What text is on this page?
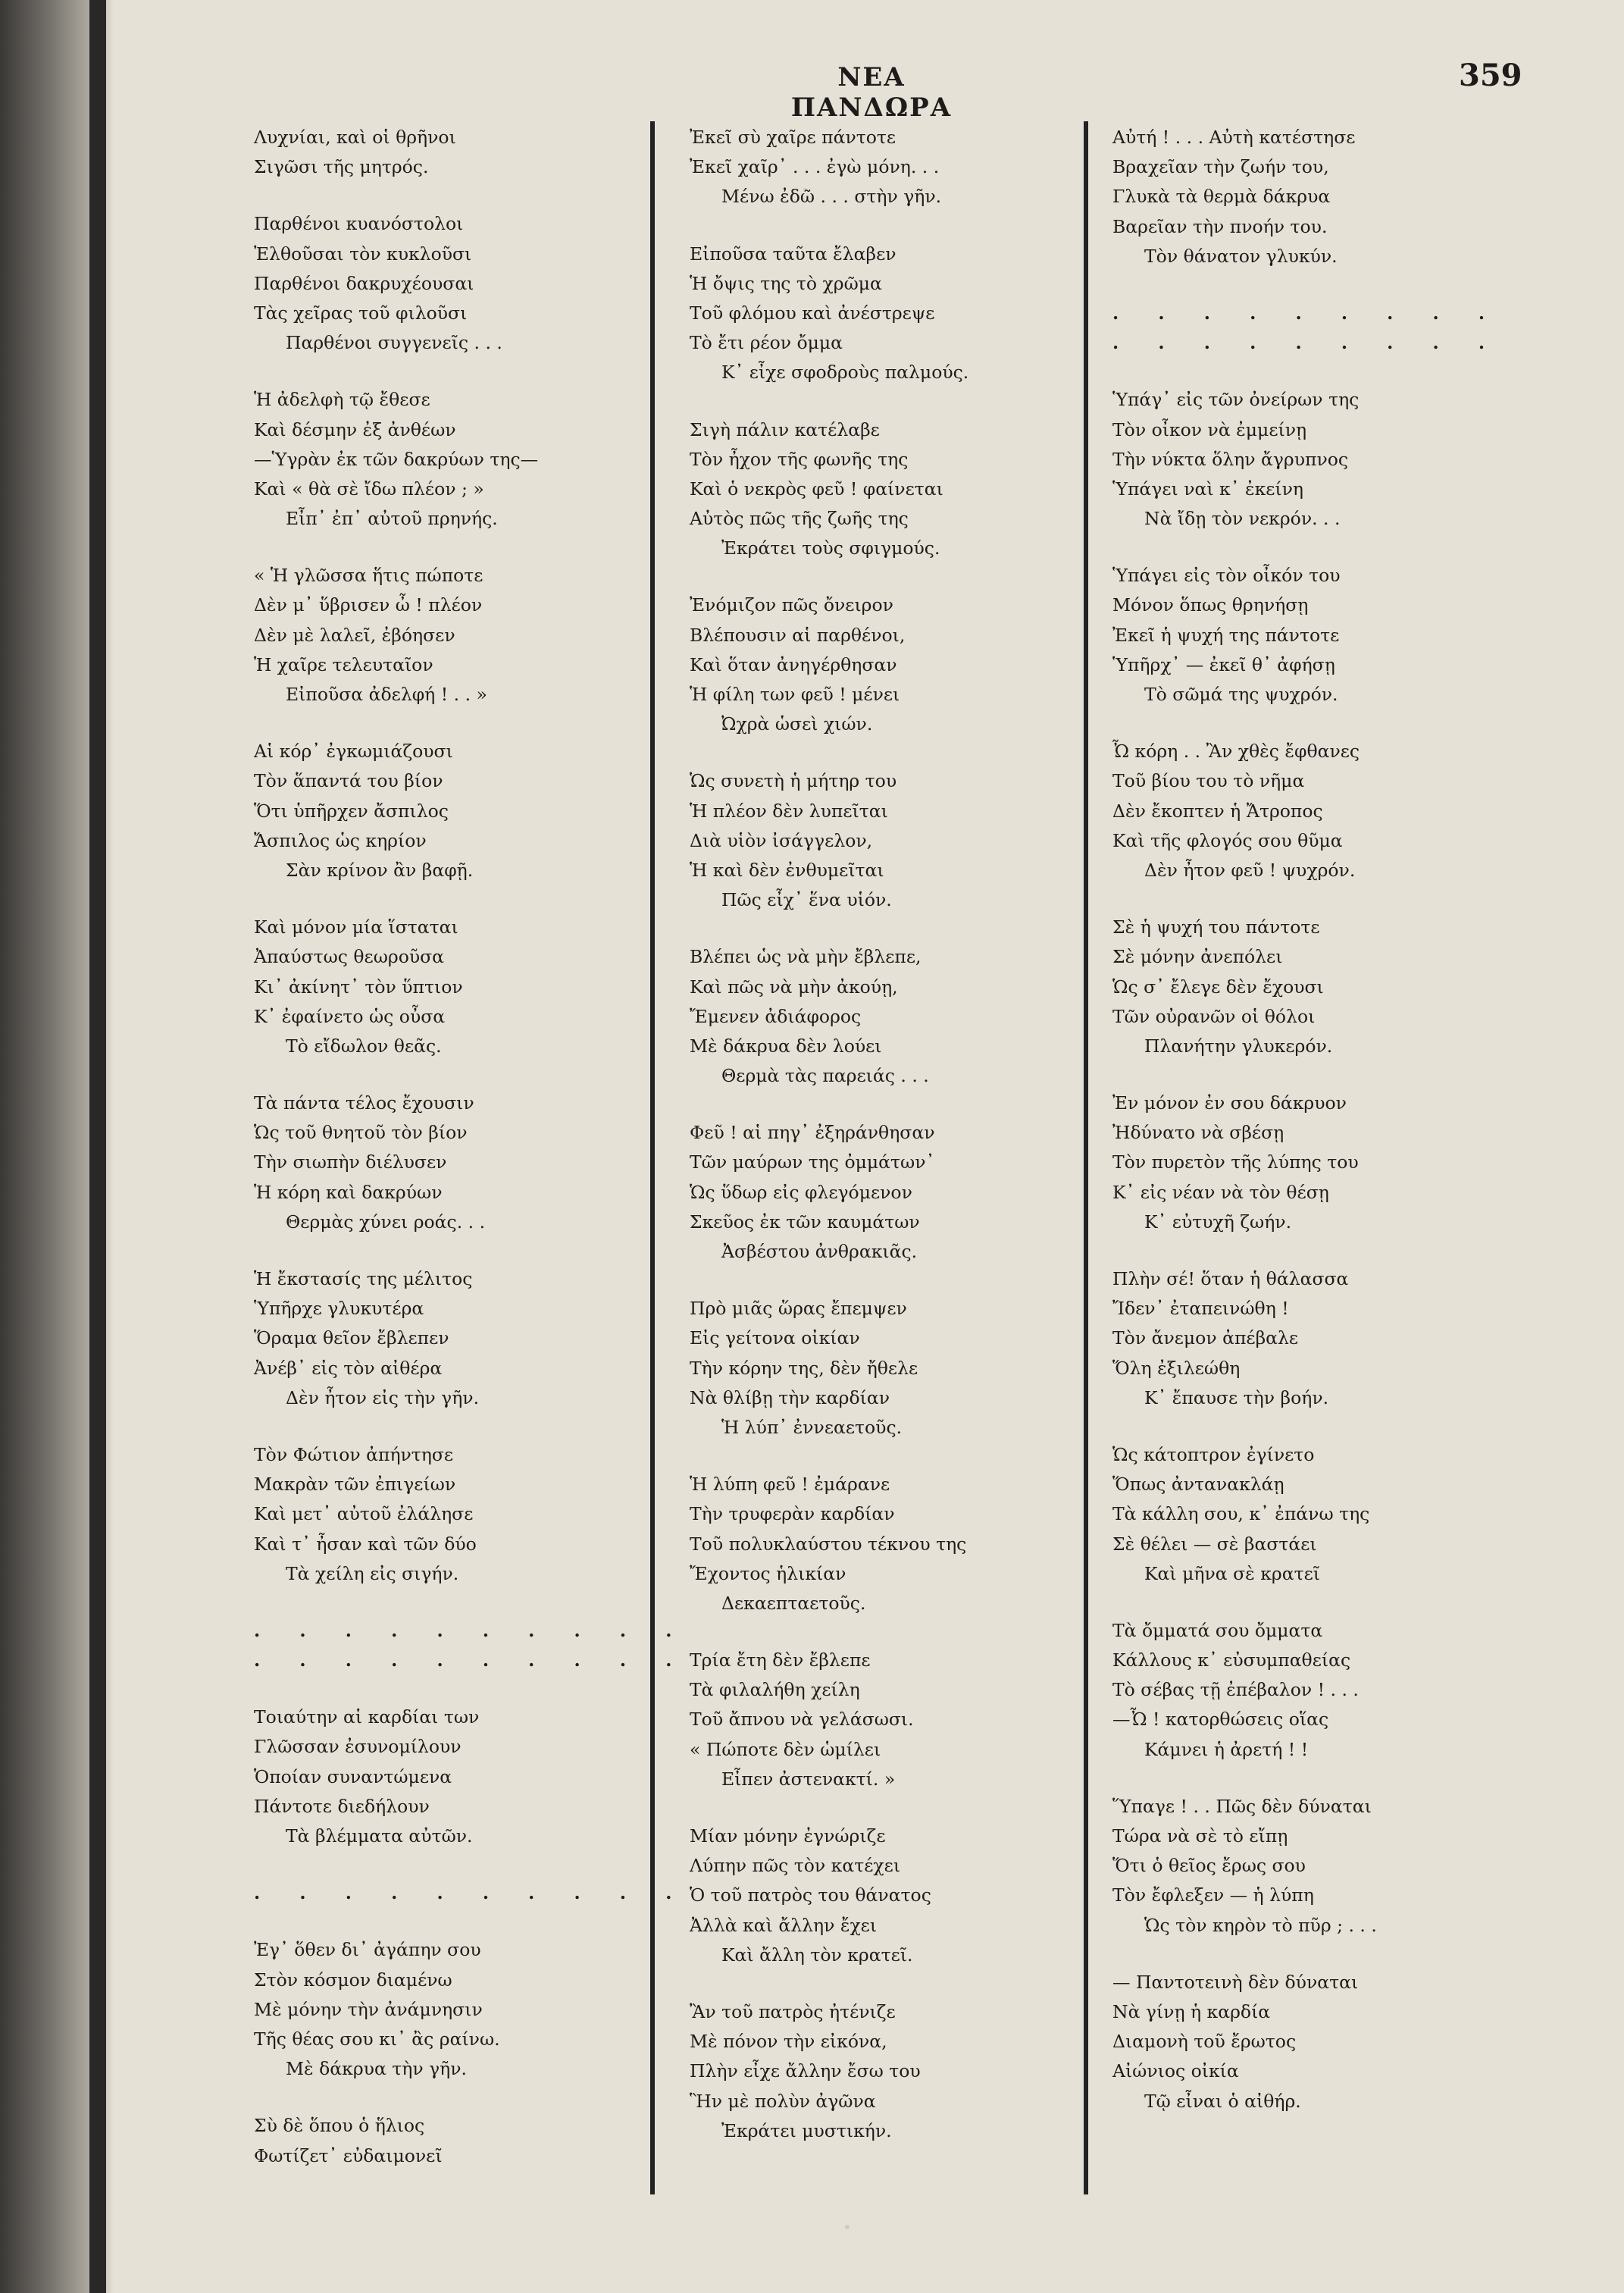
ΝΕΑ ΠΑΝΔΩΡΑ
359
Λυχνίαι, καὶ οἱ θρῆνοι
Σιγῶσι τῆς μητρός.
Παρθένοι κυανόστολοι
Ἐλθοῦσαι τὸν κυκλοῦσι
Παρθένοι δακρυχέουσαι
Τὰς χεῖρας τοῦ φιλοῦσι
Παρθένοι συγγενεῖς . . .
Ἡ ἀδελφὴ τῷ ἔθεσε
Καὶ δέσμην ἐξ ἀνθέων
—Ὑγρὰν ἐκ τῶν δακρύων της—
Καὶ « θὰ σὲ ἴδω πλέον ; »
Εἶπ᾽ ἐπ᾽ αὐτοῦ πρηνής.
« Ἡ γλῶσσα ἥτις πώποτε
Δὲν μ᾽ ὕβρισεν ὦ ! πλέον
Δὲν μὲ λαλεῖ, ἐβόησεν
Ἡ χαῖρε τελευταῖον
Εἰποῦσα ἀδελφή ! . . »
Αἱ κόρ᾽ ἐγκωμιάζουσι
Τὸν ἅπαντά του βίον
Ὅτι ὑπῆρχεν ἄσπιλος
Ἄσπιλος ὡς κηρίον
Σὰν κρίνον ἂν βαφῇ.
Καὶ μόνον μία ἵσταται
Ἀπαύστως θεωροῦσα
Κι᾽ ἀκίνητ᾽ τὸν ὕπτιον
Κ᾽ ἐφαίνετο ὡς οὖσα
Τὸ εἴδωλον θεᾶς.
Τὰ πάντα τέλος ἔχουσιν
Ὡς τοῦ θνητοῦ τὸν βίον
Τὴν σιωπὴν διέλυσεν
Ἡ κόρη καὶ δακρύων
Θερμὰς χύνει ροάς. . .
Ἡ ἔκστασίς της μέλιτος
Ὑπῆρχε γλυκυτέρα
Ὅραμα θεῖον ἔβλεπεν
Ἀνέβ᾽ εἰς τὸν αἰθέρα
Δὲν ἦτον εἰς τὴν γῆν.
Τὸν Φώτιον ἀπήντησε
Μακρὰν τῶν ἐπιγείων
Καὶ μετ᾽ αὐτοῦ ἐλάλησε
Καὶ τ᾽ ἦσαν καὶ τῶν δύο
Τὰ χείλη εἰς σιγήν.
. . . . . . . . . .
. . . . . . . . . .
Τοιαύτην αἱ καρδίαι των
Γλῶσσαν ἐσυνομίλουν
Ὁποίαν συναντώμενα
Πάντοτε διεδήλουν
Τὰ βλέμματα αὐτῶν.
. . . . . . . . . .
Ἐγ᾽ ὅθεν δι᾽ ἀγάπην σου
Στὸν κόσμον διαμένω
Μὲ μόνην τὴν ἀνάμνησιν
Τῆς θέας σου κι᾽ ἂς ραίνω.
Μὲ δάκρυα τὴν γῆν.
Σὺ δὲ ὅπου ὁ ἥλιος
Φωτίζετ᾽ εὐδαιμονεῖ
Ἐκεῖ σὺ χαῖρε πάντοτε
Ἐκεῖ χαῖρ᾽ . . . ἐγὼ μόνη. . .
Μένω ἐδῶ . . . στὴν γῆν.
Εἰποῦσα ταῦτα ἔλαβεν
Ἡ ὄψις της τὸ χρῶμα
Τοῦ φλόμου καὶ ἀνέστρεψε
Τὸ ἔτι ρέον ὄμμα
Κ᾽ εἶχε σφοδροὺς παλμούς.
Σιγὴ πάλιν κατέλαβε
Τὸν ἦχον τῆς φωνῆς της
Καὶ ὁ νεκρὸς φεῦ ! φαίνεται
Αὐτὸς πῶς τῆς ζωῆς της
Ἐκράτει τοὺς σφιγμούς.
Ἐνόμιζον πῶς ὄνειρον
Βλέπουσιν αἱ παρθένοι,
Καὶ ὅταν ἀνηγέρθησαν
Ἡ φίλη των φεῦ ! μένει
Ὠχρὰ ὡσεὶ χιών.
Ὡς συνετὴ ἡ μήτηρ του
Ἡ πλέον δὲν λυπεῖται
Διὰ υἱὸν ἰσάγγελον,
Ἡ καὶ δὲν ἐνθυμεῖται
Πῶς εἶχ᾽ ἕνα υἱόν.
Βλέπει ὡς νὰ μὴν ἔβλεπε,
Καὶ πῶς νὰ μὴν ἀκούῃ,
Ἔμενεν ἀδιάφορος
Μὲ δάκρυα δὲν λούει
Θερμὰ τὰς παρειάς . . .
Φεῦ ! αἱ πηγ᾽ ἐξηράνθησαν
Τῶν μαύρων της ὀμμάτων᾽
Ὡς ὕδωρ εἰς φλεγόμενον
Σκεῦος ἐκ τῶν καυμάτων
Ἀσβέστου ἀνθρακιᾶς.
Πρὸ μιᾶς ὥρας ἔπεμψεν
Εἰς γείτονα οἰκίαν
Τὴν κόρην της, δὲν ἤθελε
Νὰ θλίβῃ τὴν καρδίαν
Ἡ λύπ᾽ ἐννεαετοῦς.
Ἡ λύπη φεῦ ! ἐμάρανε
Τὴν τρυφερὰν καρδίαν
Τοῦ πολυκλαύστου τέκνου της
Ἔχοντος ἡλικίαν
Δεκαεπταετοῦς.
Τρία ἔτη δὲν ἔβλεπε
Τὰ φιλαλήθη χείλη
Τοῦ ἄπνου νὰ γελάσωσι.
« Πώποτε δὲν ὡμίλει
Εἶπεν ἀστενακτί. »
Μίαν μόνην ἐγνώριζε
Λύπην πῶς τὸν κατέχει
Ὁ τοῦ πατρὸς του θάνατος
Ἀλλὰ καὶ ἄλλην ἔχει
Καὶ ἄλλη τὸν κρατεῖ.
Ἂν τοῦ πατρὸς ἠτένιζε
Μὲ πόνον τὴν εἰκόνα,
Πλὴν εἶχε ἄλλην ἔσω του
Ἣν μὲ πολὺν ἀγῶνα
Ἐκράτει μυστικήν.
Αὐτή ! . . . Αὐτὴ κατέστησε
Βραχεῖαν τὴν ζωήν του,
Γλυκὰ τὰ θερμὰ δάκρυα
Βαρεῖαν τὴν πνοήν του.
Τὸν θάνατον γλυκύν.
. . . . . . . . .
. . . . . . . . .
Ὑπάγ᾽ εἰς τῶν ὀνείρων της
Τὸν οἶκον νὰ ἐμμείνῃ
Τὴν νύκτα ὅλην ἄγρυπνος
Ὑπάγει ναὶ κ᾽ ἐκείνη
Νὰ ἴδῃ τὸν νεκρόν. . .
Ὑπάγει εἰς τὸν οἶκόν του
Μόνον ὅπως θρηνήσῃ
Ἐκεῖ ἡ ψυχή της πάντοτε
Ὑπῆρχ᾽ — ἐκεῖ θ᾽ ἀφήσῃ
Τὸ σῶμά της ψυχρόν.
Ὦ κόρη . . Ἂν χθὲς ἔφθανες
Τοῦ βίου του τὸ νῆμα
Δὲν ἔκοπτεν ἡ Ἄτροπος
Καὶ τῆς φλογός σου θῦμα
Δὲν ἦτον φεῦ ! ψυχρόν.
Σὲ ἡ ψυχή του πάντοτε
Σὲ μόνην ἀνεπόλει
Ὡς σ᾽ ἔλεγε δὲν ἔχουσι
Τῶν οὐρανῶν οἱ θόλοι
Πλανήτην γλυκερόν.
Ἐν μόνον ἐν σου δάκρυον
Ἠδύνατο νὰ σβέσῃ
Τὸν πυρετὸν τῆς λύπης του
Κ᾽ εἰς νέαν νὰ τὸν θέσῃ
Κ᾽ εὐτυχῆ ζωήν.
Πλὴν σέ! ὅταν ἡ θάλασσα
Ἴδεν᾽ ἐταπεινώθη !
Τὸν ἄνεμον ἀπέβαλε
Ὅλη ἐξιλεώθη
Κ᾽ ἔπαυσε τὴν βοήν.
Ὡς κάτοπτρον ἐγίνετο
Ὅπως ἀντανακλάῃ
Τὰ κάλλη σου, κ᾽ ἐπάνω της
Σὲ θέλει — σὲ βαστάει
Καὶ μῆνα σὲ κρατεῖ
Τὰ ὄμματά σου ὄμματα
Κάλλους κ᾽ εὐσυμπαθείας
Τὸ σέβας τῇ ἐπέβαλον ! . . .
—Ὦ ! κατορθώσεις οἵας
Κάμνει ἡ ἀρετή ! !
Ὕπαγε ! . . Πῶς δὲν δύναται
Τώρα νὰ σὲ τὸ εἴπῃ
Ὅτι ὁ θεῖος ἔρως σου
Τὸν ἔφλεξεν — ἡ λύπη
Ὡς τὸν κηρὸν τὸ πῦρ ; . . .
— Παντοτεινὴ δὲν δύναται
Νὰ γίνῃ ἡ καρδία
Διαμονὴ τοῦ ἔρωτος
Αἰώνιος οἰκία
Τῷ εἶναι ὁ αἰθήρ.
